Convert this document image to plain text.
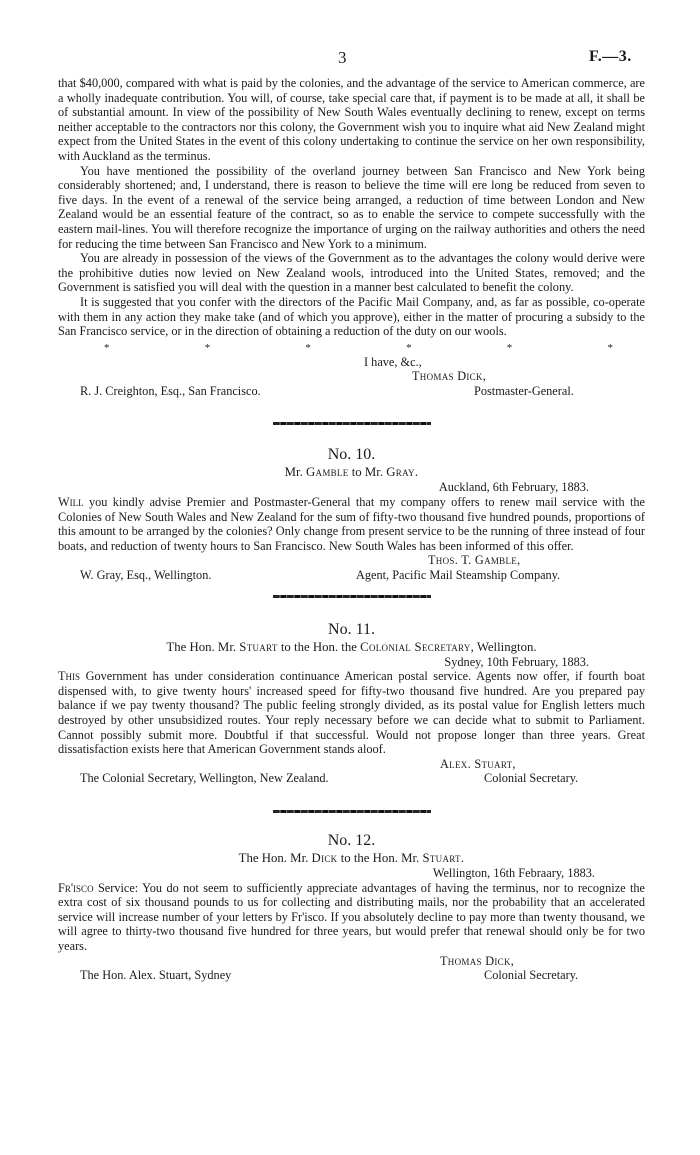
3	F.—3.

that $40,000, compared with what is paid by the colonies, and the advantage of the service to American commerce, are a wholly inadequate contribution. You will, of course, take special care that, if payment is to be made at all, it shall be of substantial amount. In view of the possibility of New South Wales eventually declining to renew, except on terms neither acceptable to the contractors nor this colony, the Government wish you to inquire what aid New Zealand might expect from the United States in the event of this colony undertaking to continue the service on her own responsibility, with Auckland as the terminus.

You have mentioned the possibility of the overland journey between San Francisco and New York being considerably shortened; and, I understand, there is reason to believe the time will ere long be reduced from seven to five days. In the event of a renewal of the service being arranged, a reduction of time between London and New Zealand would be an essential feature of the contract, so as to enable the service to compete successfully with the eastern mail-lines. You will therefore recognize the importance of urging on the railway authorities and others the need for reducing the time between San Francisco and New York to a minimum.

You are already in possession of the views of the Government as to the advantages the colony would derive were the prohibitive duties now levied on New Zealand wools, introduced into the United States, removed; and the Government is satisfied you will deal with the question in a manner best calculated to benefit the colony.

It is suggested that you confer with the directors of the Pacific Mail Company, and, as far as possible, co-operate with them in any action they make take (and of which you approve), either in the matter of procuring a subsidy to the San Francisco service, or in the direction of obtaining a reduction of the duty on our wools.

*	*	*	*	*	*
I have, &c.,
Thomas Dick,
R. J. Creighton, Esq., San Francisco.	Postmaster-General.
No. 10.
Mr. Gamble to Mr. Gray.
Auckland, 6th February, 1883.

Will you kindly advise Premier and Postmaster-General that my company offers to renew mail service with the Colonies of New South Wales and New Zealand for the sum of fifty-two thousand five hundred pounds, proportions of this amount to be arranged by the colonies? Only change from present service to be the running of three instead of four boats, and reduction of twenty hours to San Francisco. New South Wales has been informed of this offer.

Thos. T. Gamble,
W. Gray, Esq., Wellington.	Agent, Pacific Mail Steamship Company.
No. 11.
The Hon. Mr. Stuart to the Hon. the Colonial Secretary, Wellington.
Sydney, 10th February, 1883.

This Government has under consideration continuance American postal service. Agents now offer, if fourth boat dispensed with, to give twenty hours' increased speed for fifty-two thousand five hundred. Are you prepared pay balance if we pay twenty thousand? The public feeling strongly divided, as its postal value for English letters much destroyed by other unsubsidized routes. Your reply necessary before we can decide what to submit to Parliament. Cannot possibly submit more. Doubtful if that successful. Would not propose longer than three years. Great dissatisfaction exists here that American Government stands aloof.

Alex. Stuart,
The Colonial Secretary, Wellington, New Zealand.	Colonial Secretary.
No. 12.
The Hon. Mr. Dick to the Hon. Mr. Stuart.
Wellington, 16th Febraary, 1883.

Fr'isco Service: You do not seem to sufficiently appreciate advantages of having the terminus, nor to recognize the extra cost of six thousand pounds to us for collecting and distributing mails, nor the probability that an accelerated service will increase number of your letters by Fr'isco. If you absolutely decline to pay more than twenty thousand, we will agree to thirty-two thousand five hundred for three years, but would prefer that renewal should only be for two years.

Thomas Dick,
The Hon. Alex. Stuart, Sydney	Colonial Secretary.
